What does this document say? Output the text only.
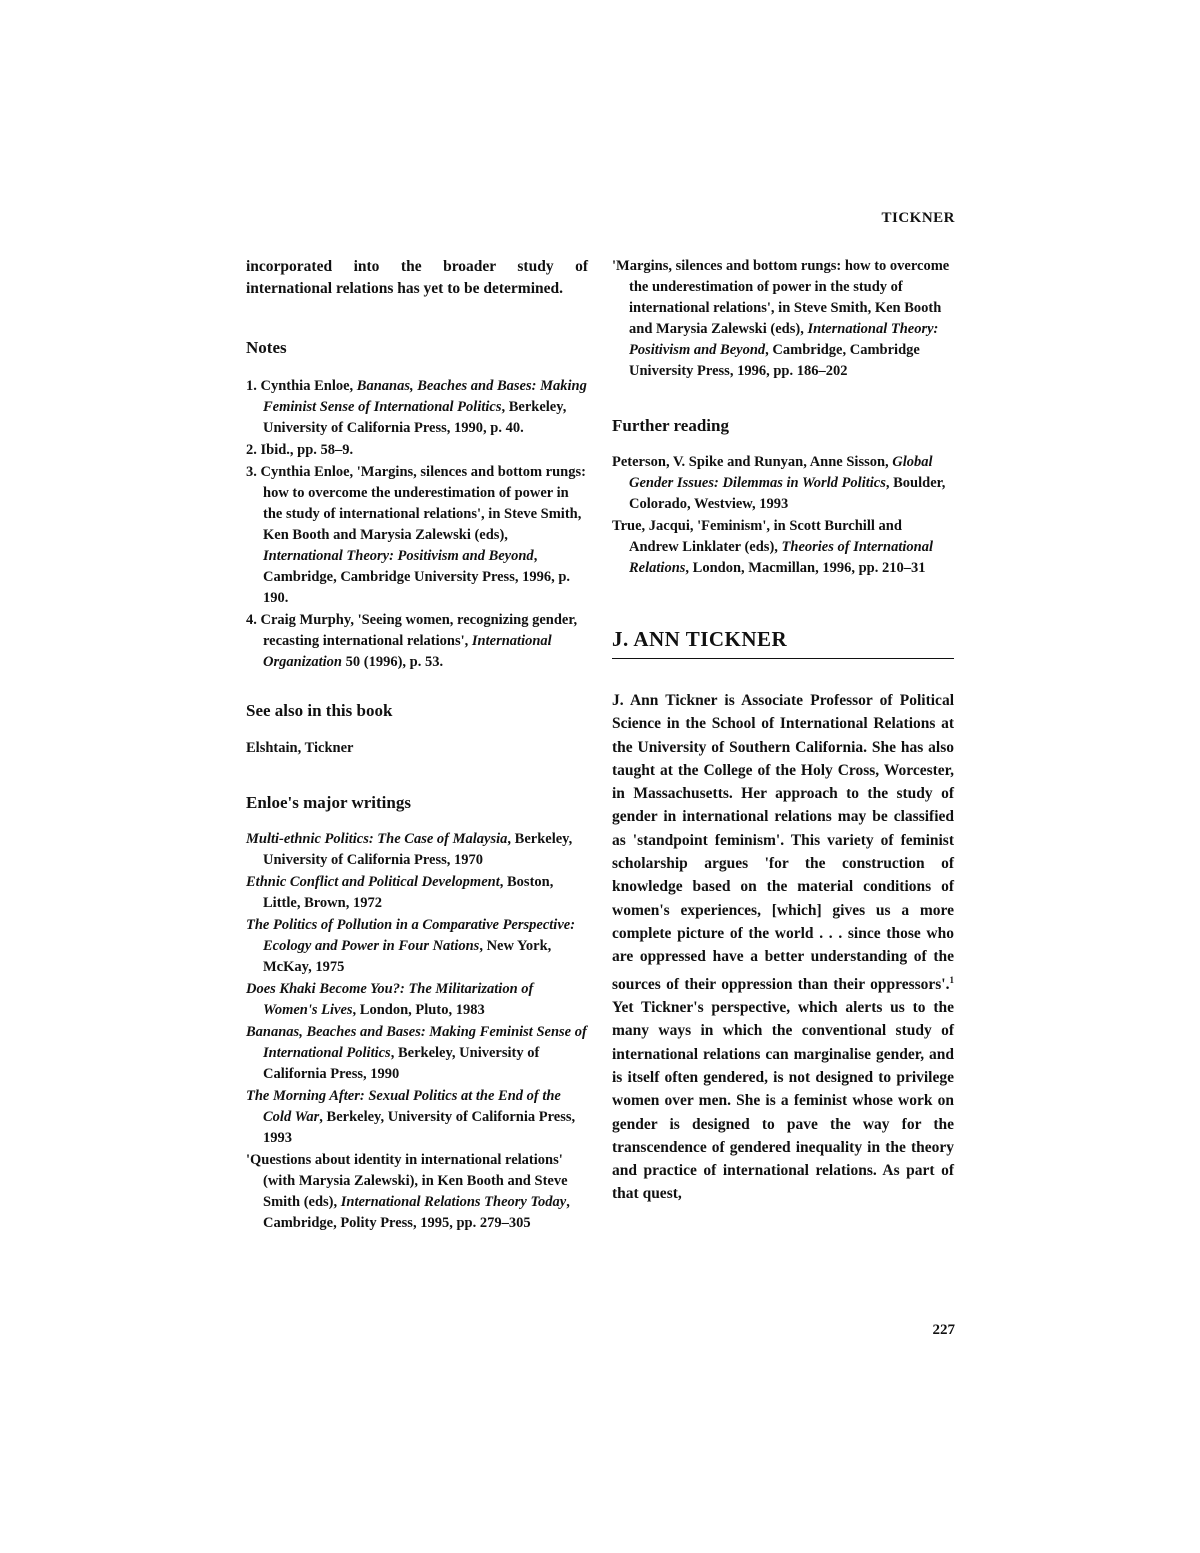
TICKNER

incorporated into the broader study of international relations has yet to be determined.

Notes
1. Cynthia Enloe, Bananas, Beaches and Bases: Making Feminist Sense of International Politics, Berkeley, University of California Press, 1990, p. 40.
2. Ibid., pp. 58–9.
3. Cynthia Enloe, 'Margins, silences and bottom rungs: how to overcome the underestimation of power in the study of international relations', in Steve Smith, Ken Booth and Marysia Zalewski (eds), International Theory: Positivism and Beyond, Cambridge, Cambridge University Press, 1996, p. 190.
4. Craig Murphy, 'Seeing women, recognizing gender, recasting international relations', International Organization 50 (1996), p. 53.
See also in this book

Elshtain, Tickner

Enloe's major writings
Multi-ethnic Politics: The Case of Malaysia, Berkeley, University of California Press, 1970
Ethnic Conflict and Political Development, Boston, Little, Brown, 1972
The Politics of Pollution in a Comparative Perspective: Ecology and Power in Four Nations, New York, McKay, 1975
Does Khaki Become You?: The Militarization of Women's Lives, London, Pluto, 1983
Bananas, Beaches and Bases: Making Feminist Sense of International Politics, Berkeley, University of California Press, 1990
The Morning After: Sexual Politics at the End of the Cold War, Berkeley, University of California Press, 1993
'Questions about identity in international relations' (with Marysia Zalewski), in Ken Booth and Steve Smith (eds), International Relations Theory Today, Cambridge, Polity Press, 1995, pp. 279–305
'Margins, silences and bottom rungs: how to overcome the underestimation of power in the study of international relations', in Steve Smith, Ken Booth and Marysia Zalewski (eds), International Theory: Positivism and Beyond, Cambridge, Cambridge University Press, 1996, pp. 186–202
Further reading
Peterson, V. Spike and Runyan, Anne Sisson, Global Gender Issues: Dilemmas in World Politics, Boulder, Colorado, Westview, 1993
True, Jacqui, 'Feminism', in Scott Burchill and Andrew Linklater (eds), Theories of International Relations, London, Macmillan, 1996, pp. 210–31
J. ANN TICKNER

J. Ann Tickner is Associate Professor of Political Science in the School of International Relations at the University of Southern California. She has also taught at the College of the Holy Cross, Worcester, in Massachusetts. Her approach to the study of gender in international relations may be classified as 'standpoint feminism'. This variety of feminist scholarship argues 'for the construction of knowledge based on the material conditions of women's experiences, [which] gives us a more complete picture of the world . . . since those who are oppressed have a better understanding of the sources of their oppression than their oppressors'.$^1$ Yet Tickner's perspective, which alerts us to the many ways in which the conventional study of international relations can marginalise gender, and is itself often gendered, is not designed to privilege women over men. She is a feminist whose work on gender is designed to pave the way for the transcendence of gendered inequality in the theory and practice of international relations. As part of that quest,

227
